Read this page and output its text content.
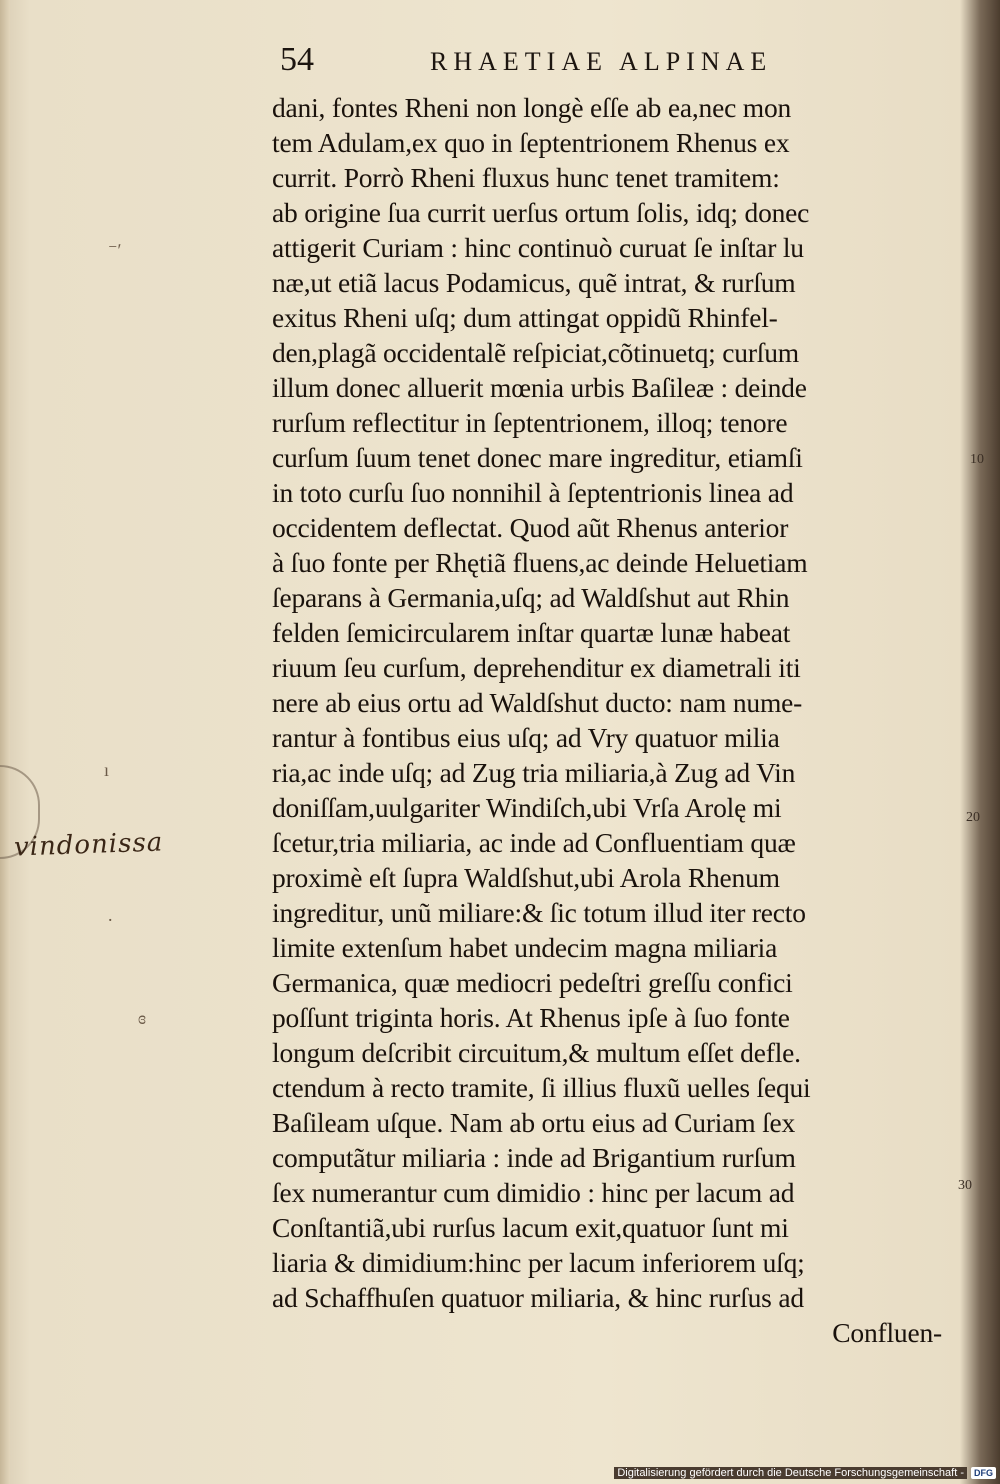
54	RHAETIAE ALPINAE
dani, fontes Rheni non longè eſſe ab ea,nec mon
tem Adulam,ex quo in ſeptentrionem Rhenus ex
currit. Porrò Rheni fluxus hunc tenet tramitem:
ab origine ſua currit uerſus ortum ſolis, idq; donec
attigerit Curiam : hinc continuò curuat ſe inſtar lu
næ,ut etiã lacus Podamicus, quẽ intrat, & rurſum
exitus Rheni uſq; dum attingat oppidũ Rhinfel-
den,plagã occidentalẽ reſpiciat,cõtinuetq; curſum
illum donec alluerit mœnia urbis Baſileæ : deinde
rurſum reflectitur in ſeptentrionem, illoq; tenore
curſum ſuum tenet donec mare ingreditur, etiamſi
in toto curſu ſuo nonnihil à ſeptentrionis linea ad
occidentem deflectat. Quod aũt Rhenus anterior
à ſuo fonte per Rhętiã fluens,ac deinde Heluetiam
ſeparans à Germania,uſq; ad Waldſshut aut Rhin
felden ſemicircularem inſtar quartæ lunæ habeat
riuum ſeu curſum, deprehenditur ex diametrali iti
nere ab eius ortu ad Waldſshut ducto: nam nume-
rantur à fontibus eius uſq; ad Vry quatuor milia
ria,ac inde uſq; ad Zug tria miliaria,à Zug ad Vin
doniſſam,uulgariter Windiſch,ubi Vrſa Arolę mi
ſcetur,tria miliaria, ac inde ad Confluentiam quæ
proximè eſt ſupra Waldſshut,ubi Arola Rhenum
ingreditur, unũ miliare:& ſic totum illud iter recto
limite extenſum habet undecim magna miliaria
Germanica, quæ mediocri pedeſtri greſſu confici
poſſunt triginta horis. At Rhenus ipſe à ſuo fonte
longum deſcribit circuitum,& multum eſſet defle.
ctendum à recto tramite, ſi illius fluxũ uelles ſequi
Baſileam uſque. Nam ab ortu eius ad Curiam ſex
computãtur miliaria : inde ad Brigantium rurſum
ſex numerantur cum dimidio : hinc per lacum ad
Conſtantiã,ubi rurſus lacum exit,quatuor ſunt mi
liaria & dimidium:hinc per lacum inferiorem uſq;
ad Schaffhuſen quatuor miliaria, & hinc rurſus ad
Confluen-
10
20
30
⁻ʹ
ı
.
ɞ
vindonissa
Digitalisierung gefördert durch die Deutsche Forschungsgemeinschaft -	DFG
